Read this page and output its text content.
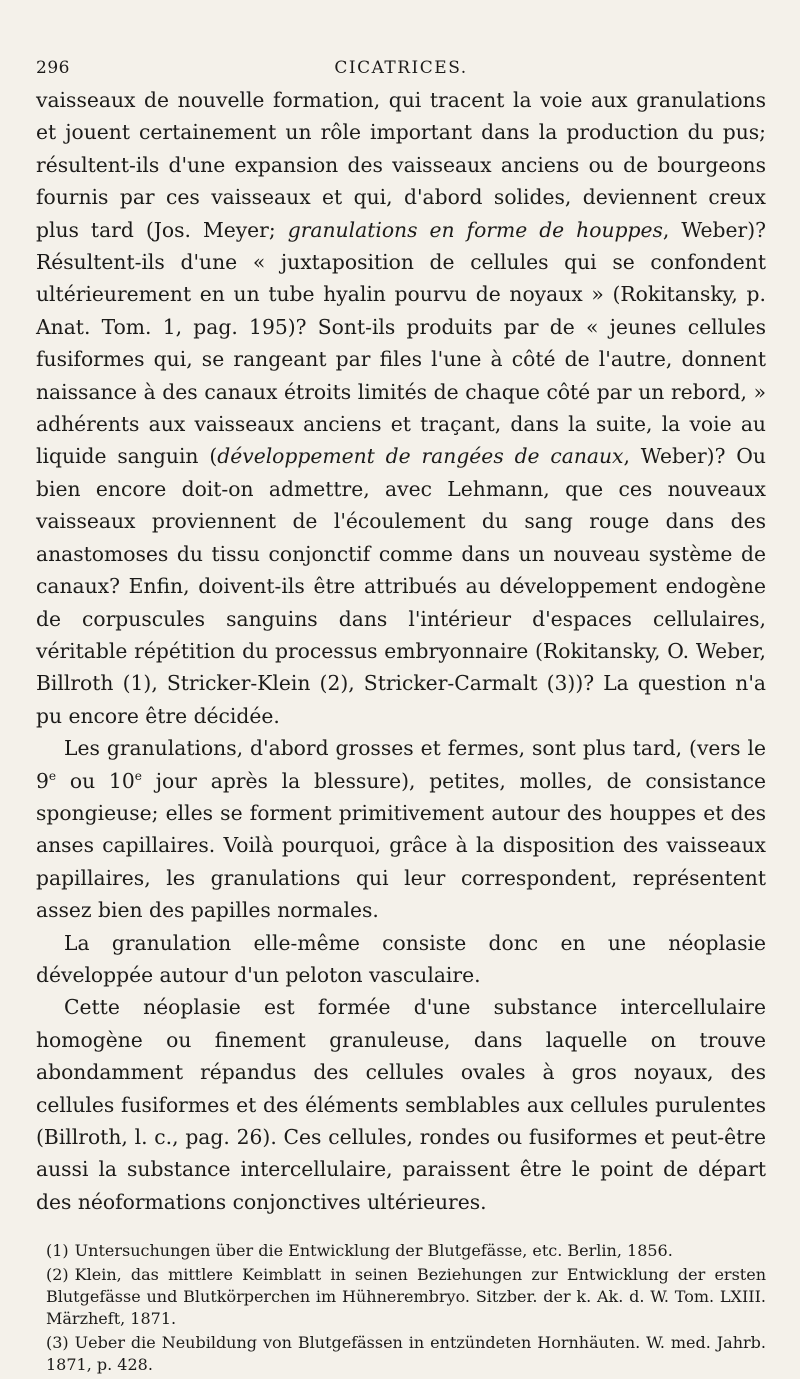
296	CICATRICES.

vaisseaux de nouvelle formation, qui tracent la voie aux granulations et jouent certainement un rôle important dans la production du pus; résultent-ils d'une expansion des vaisseaux anciens ou de bourgeons fournis par ces vaisseaux et qui, d'abord solides, deviennent creux plus tard (Jos. Meyer; granulations en forme de houppes, Weber)? Résultent-ils d'une « juxtaposition de cellules qui se confondent ultérieurement en un tube hyalin pourvu de noyaux » (Rokitansky, p. Anat. Tom. 1, pag. 195)? Sont-ils produits par de « jeunes cellules fusiformes qui, se rangeant par files l'une à côté de l'autre, donnent naissance à des canaux étroits limités de chaque côté par un rebord, » adhérents aux vaisseaux anciens et traçant, dans la suite, la voie au liquide sanguin (développement de rangées de canaux, Weber)? Ou bien encore doit-on admettre, avec Lehmann, que ces nouveaux vaisseaux proviennent de l'écoulement du sang rouge dans des anastomoses du tissu conjonctif comme dans un nouveau système de canaux? Enfin, doivent-ils être attribués au développement endogène de corpuscules sanguins dans l'intérieur d'espaces cellulaires, véritable répétition du processus embryonnaire (Rokitansky, O. Weber, Billroth (1), Stricker-Klein (2), Stricker-Carmalt (3))? La question n'a pu encore être décidée.

Les granulations, d'abord grosses et fermes, sont plus tard, (vers le 9e ou 10e jour après la blessure), petites, molles, de consistance spongieuse; elles se forment primitivement autour des houppes et des anses capillaires. Voilà pourquoi, grâce à la disposition des vaisseaux papillaires, les granulations qui leur correspondent, représentent assez bien des papilles normales.

La granulation elle-même consiste donc en une néoplasie développée autour d'un peloton vasculaire.

Cette néoplasie est formée d'une substance intercellulaire homogène ou finement granuleuse, dans laquelle on trouve abondamment répandus des cellules ovales à gros noyaux, des cellules fusiformes et des éléments semblables aux cellules purulentes (Billroth, l. c., pag. 26). Ces cellules, rondes ou fusiformes et peut-être aussi la substance intercellulaire, paraissent être le point de départ des néoformations conjonctives ultérieures.

(1) Untersuchungen über die Entwicklung der Blutgefässe, etc. Berlin, 1856.

(2) Klein, das mittlere Keimblatt in seinen Beziehungen zur Entwicklung der ersten Blutgefässe und Blutkörperchen im Hühnerembryo. Sitzber. der k. Ak. d. W. Tom. LXIII. Märzheft, 1871.

(3) Ueber die Neubildung von Blutgefässen in entzündeten Hornhäuten. W. med. Jahrb. 1871, p. 428.
